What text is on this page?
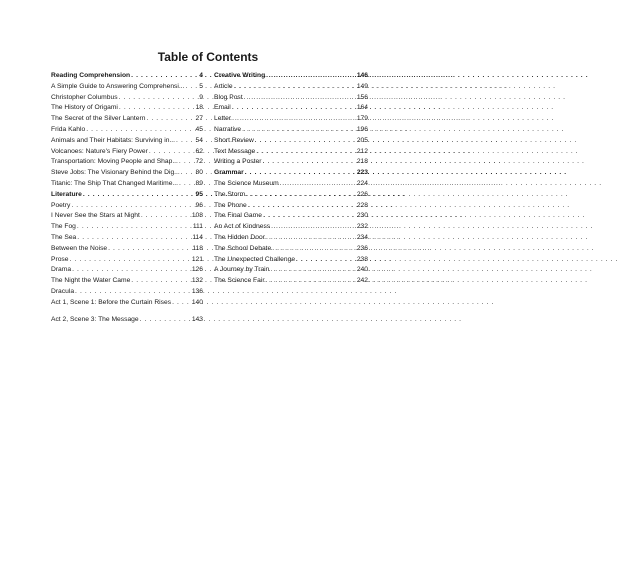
Table of Contents
Reading Comprehension . . .	4
A Simple Guide to Answering Comprehensi... . . . 5
Christopher Columbus . . .	9
The History of Origami . . .	18
The Secret of the Silver Lantern . . .	27
Frida Kahlo . . .	45
Animals and Their Habitats: Surviving in... . . .	54
Volcanoes: Nature's Fiery Power . . .	62
Transportation: Moving People and Shap... . . .	72
Steve Jobs: The Visionary Behind the Dig... . . . 80
Titanic: The Ship That Changed Maritime... . . .	89
Literature . . .	95
Poetry . . .	96
I Never See the Stars at Night . . .	108
The Fog . . .	111
The Sea . . .	114
Between the Noise . . .	118
Prose . . .	121
Drama . . .	126
The Night the Water Came . . .	132
Dracula . . .	136
Act 1, Scene 1: Before the Curtain Rises . . .	140
Act 2, Scene 3: The Message . . .	143
Creative Writing . . .	146
Article . . .	149
Blog Post . . .	156
Email . . .	164
Letter . . .	179
Narrative . . .	196
Short Review . . .	205
Text Message . . .	212
Writing a Poster . . .	218
Grammar . . .	223
The Science Museum . . .	224
The Storm . . .	226
The Phone . . .	228
The Final Game . . .	230
An Act of Kindness . . .	232
The Hidden Door . . .	234
The School Debate . . .	236
The Unexpected Challenge . . .	238
A Journey by Train . . .	240
The Science Fair . . .	242
